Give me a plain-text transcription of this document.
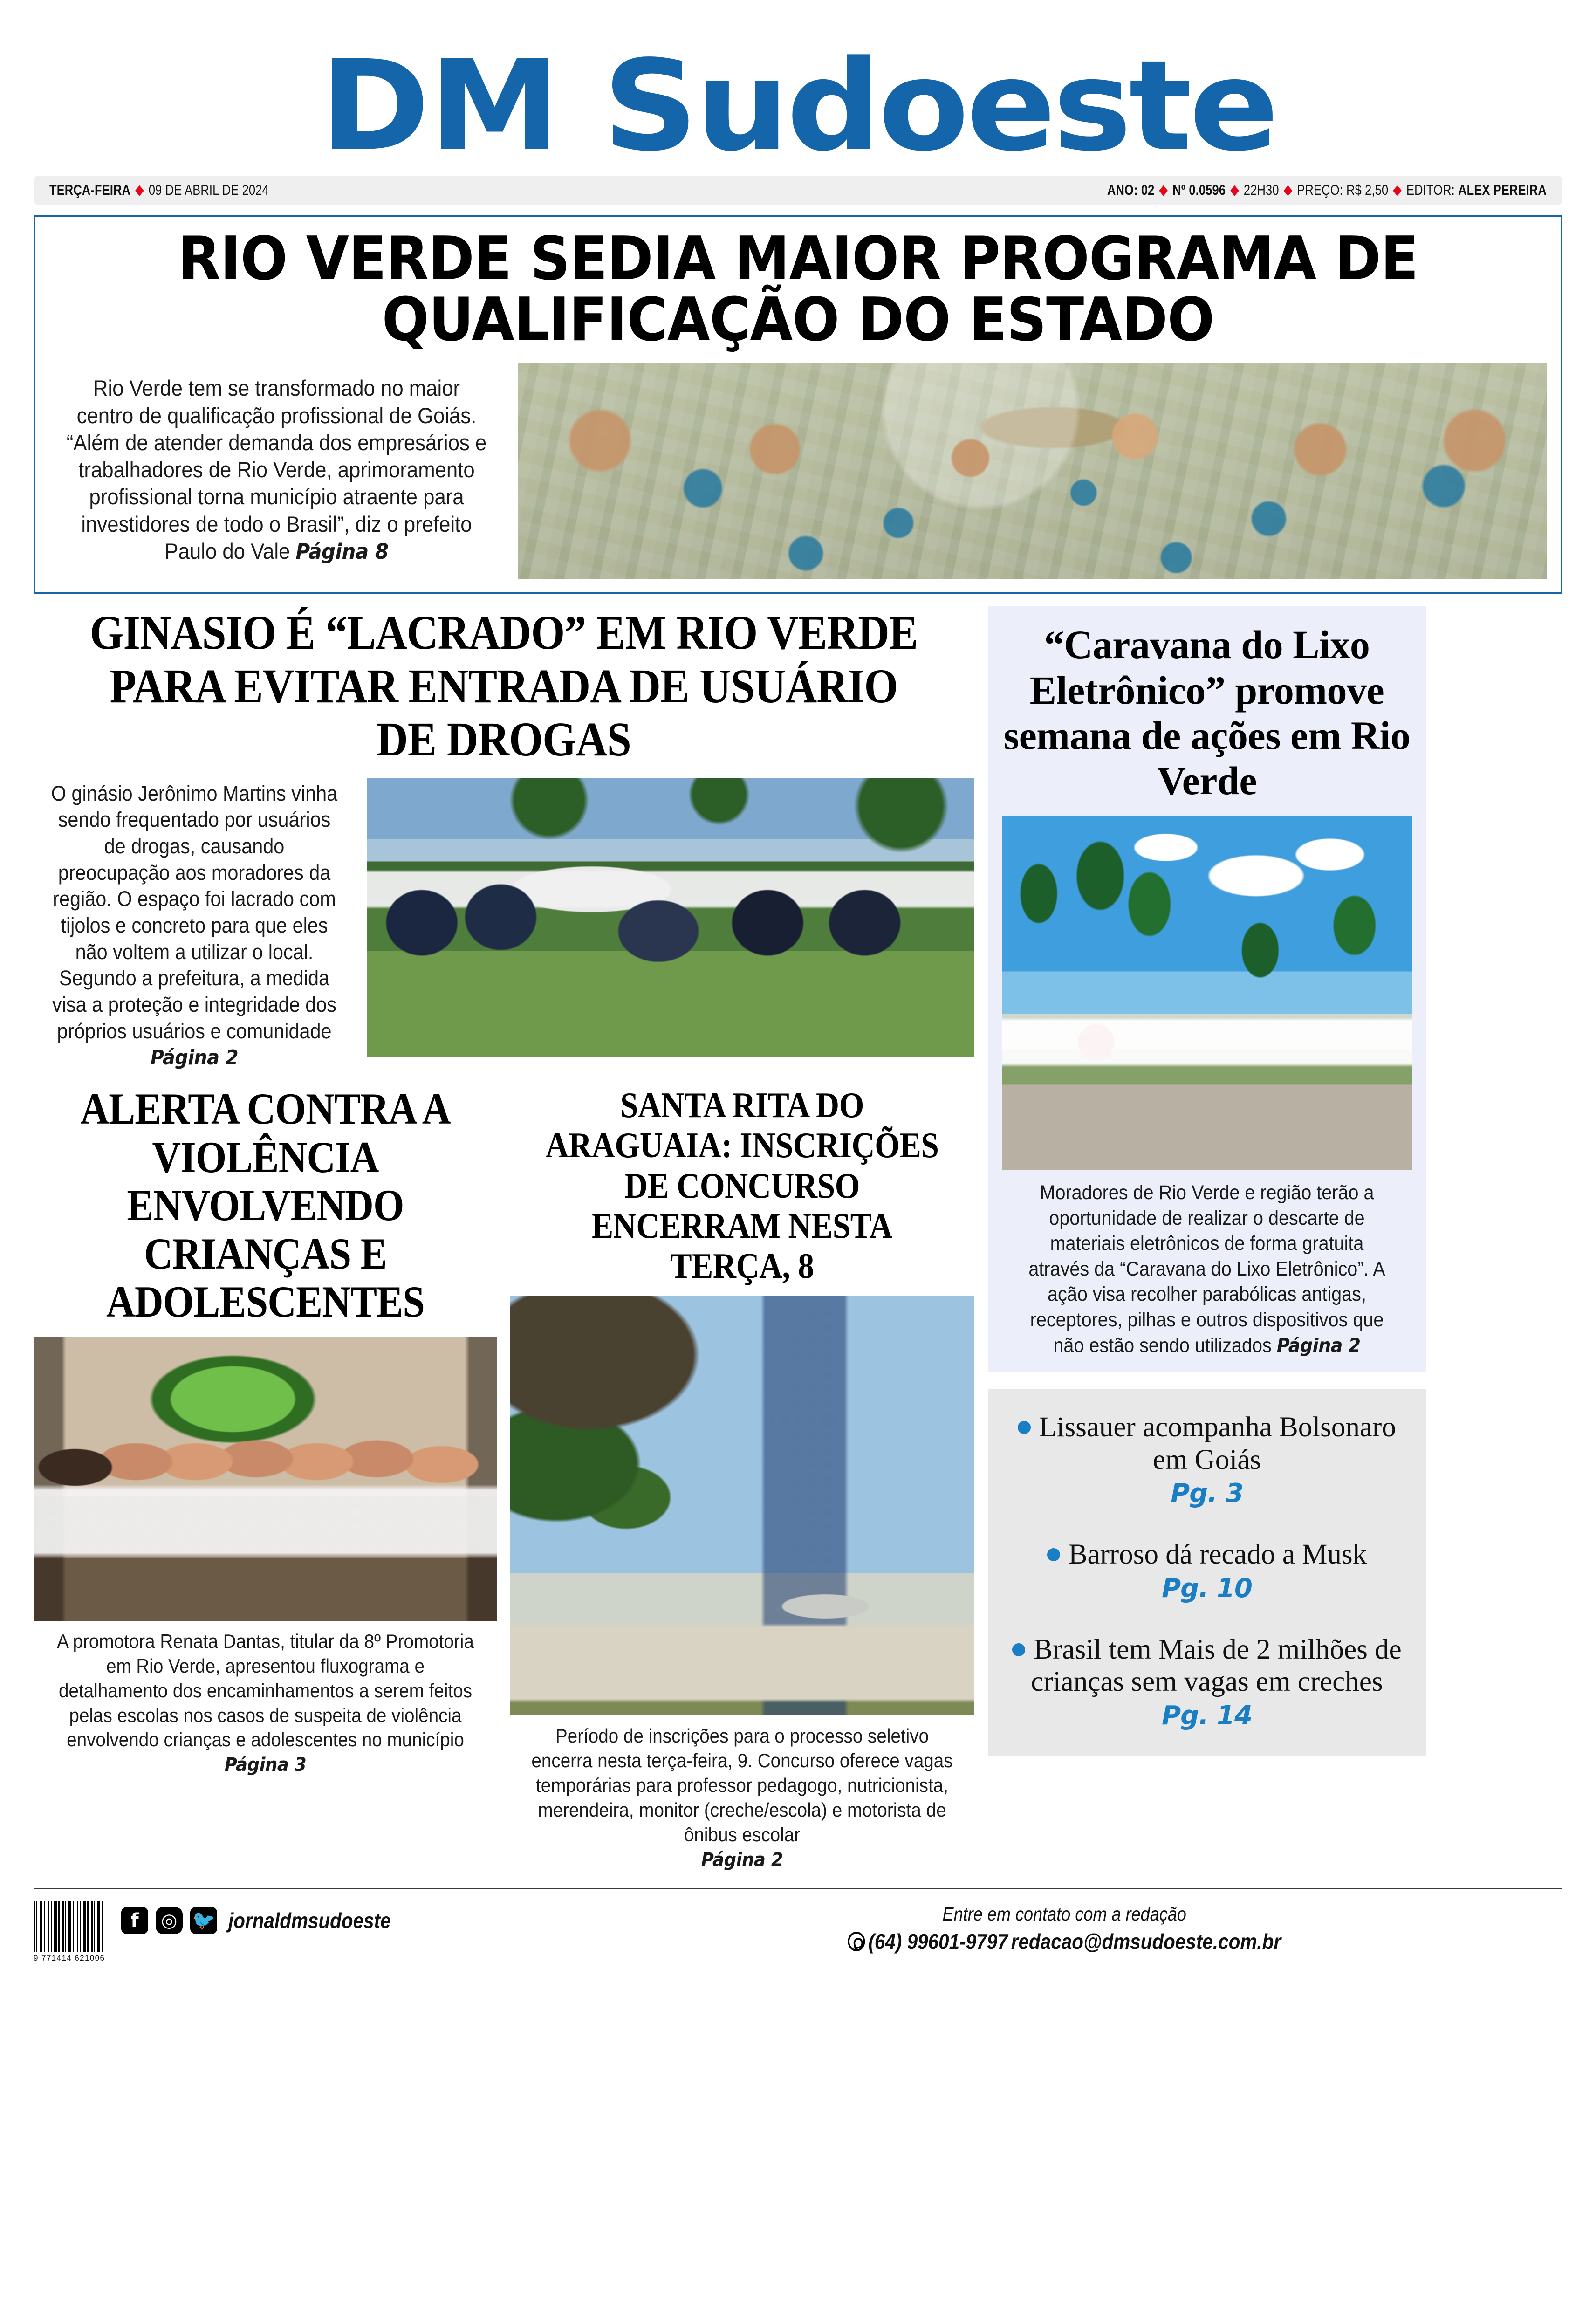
DM Sudoeste
TERÇA-FEIRA ◆ 09 DE ABRIL DE 2024	ANO: 02 ◆ Nº 0.0596 ◆ 22H30 ◆ PREÇO: R$ 2,50 ◆ EDITOR:
ALEX PEREIRA
RIO VERDE SEDIA MAIOR PROGRAMA DE
QUALIFICAÇÃO DO ESTADO

Rio Verde tem se transformado no maior centro de qualificação profissional de Goiás. “Além de atender demanda dos empresários e trabalhadores de Rio Verde, aprimoramento profissional torna município atraente para investidores de todo o Brasil”, diz o prefeito Paulo do Vale Página 8

GINASIO É “LACRADO” EM RIO VERDE PARA EVITAR ENTRADA DE USUÁRIO DE DROGAS

O ginásio Jerônimo Martins vinha sendo frequentado por usuários de drogas, causando preocupação aos moradores da região. O espaço foi lacrado com tijolos e concreto para que eles não voltem a utilizar o local. Segundo a prefeitura, a medida visa a proteção e integridade dos próprios usuários e comunidade Página 2

ALERTA CONTRA A VIOLÊNCIA ENVOLVENDO CRIANÇAS E ADOLESCENTES

A promotora Renata Dantas, titular da 8º Promotoria em Rio Verde, apresentou fluxograma e detalhamento dos encaminhamentos a serem feitos pelas escolas nos casos de suspeita de violência envolvendo crianças e adolescentes no município Página 3

SANTA RITA DO ARAGUAIA: INSCRIÇÕES DE CONCURSO ENCERRAM NESTA TERÇA, 8

Período de inscrições para o processo seletivo encerra nesta terça-feira, 9. Concurso oferece vagas temporárias para professor pedagogo, nutricionista, merendeira, monitor (creche/escola) e motorista de ônibus escolar
Página 2

“Caravana do Lixo Eletrônico” promove semana de ações em Rio Verde

Moradores de Rio Verde e região terão a oportunidade de realizar o descarte de materiais eletrônicos de forma gratuita através da “Caravana do Lixo Eletrônico”. A ação visa recolher parabólicas antigas, receptores, pilhas e outros dispositivos que não estão sendo utilizados Página 2

Lissauer acompanha Bolsonaro em Goiás
Pg. 3
Barroso dá recado a Musk
Pg. 10
Brasil tem Mais de 2 milhões de crianças sem vagas em creches
Pg. 14
9 771414 621006
f	◎ 🐦 jornaldmsudoeste	Entre em contato com a redação
(64) 99601-9797 redacao@dmsudoeste.com.br
